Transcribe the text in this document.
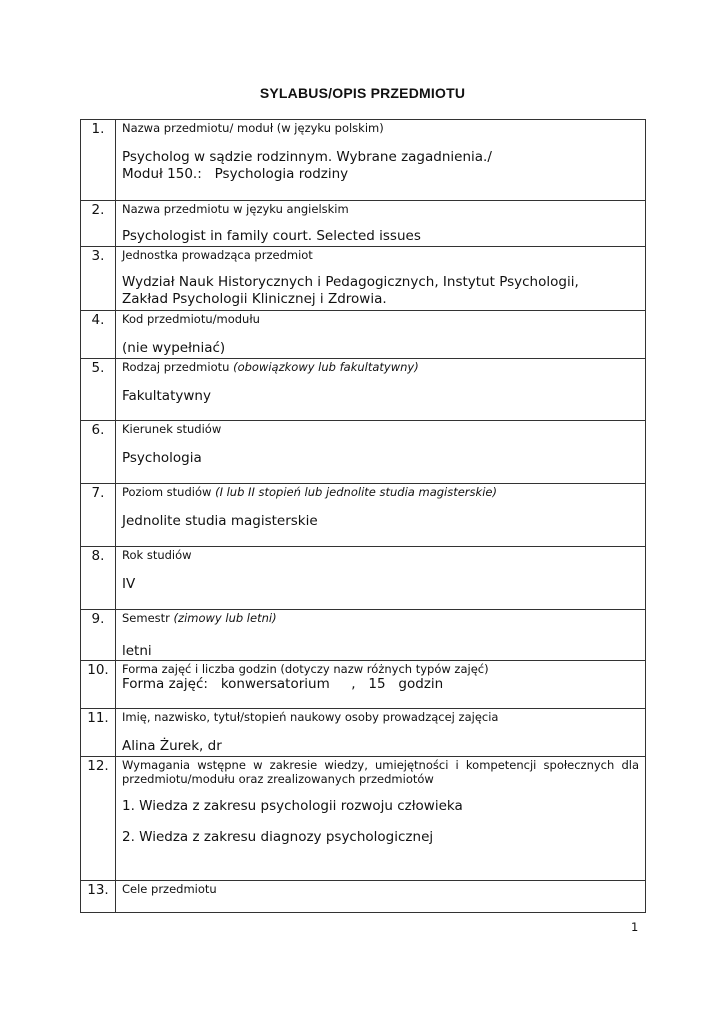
SYLABUS/OPIS PRZEDMIOTU
1.	Nazwa przedmiotu/ moduł (w języku polskim)
Psycholog w sądzie rodzinnym. Wybrane zagadnienia./
Moduł 150.:   Psychologia rodziny

2.	Nazwa przedmiotu w języku angielskim
Psychologist in family court. Selected issues

3.	Jednostka prowadząca przedmiot
Wydział Nauk Historycznych i Pedagogicznych, Instytut Psychologii,
Zakład Psychologii Klinicznej i Zdrowia.

4.	Kod przedmiotu/modułu
(nie wypełniać)

5.	Rodzaj przedmiotu (obowiązkowy lub fakultatywny)
Fakultatywny

6.	Kierunek studiów
Psychologia

7.	Poziom studiów (I lub II stopień lub jednolite studia magisterskie)
Jednolite studia magisterskie

8.	Rok studiów
IV

9.	Semestr (zimowy lub letni)
letni

10.	Forma zajęć i liczba godzin (dotyczy nazw różnych typów zajęć)
Forma zajęć:   konwersatorium     ,   15   godzin

11.	Imię, nazwisko, tytuł/stopień naukowy osoby prowadzącej zajęcia
Alina Żurek, dr

12.	Wymagania wstępne w zakresie wiedzy, umiejętności i kompetencji społecznych dla przedmiotu/modułu oraz zrealizowanych przedmiotów
1. Wiedza z zakresu psychologii rozwoju człowieka
2. Wiedza z zakresu diagnozy psychologicznej

13.	Cele przedmiotu
1
